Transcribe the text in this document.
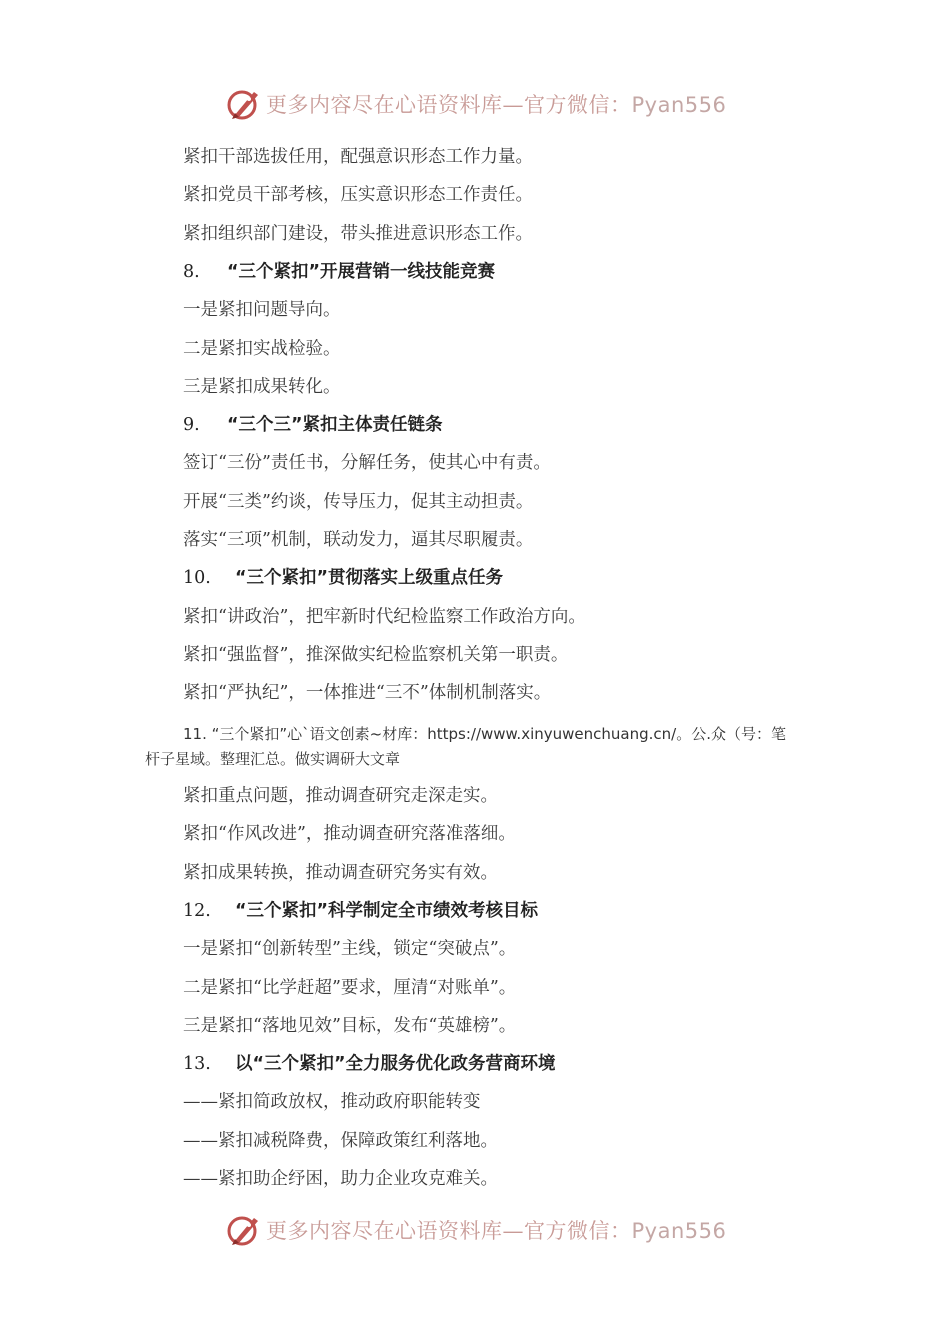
更多内容尽在心语资料库—官方微信：Pyan556
紧扣干部选拔任用，配强意识形态工作力量。
紧扣党员干部考核，压实意识形态工作责任。
紧扣组织部门建设，带头推进意识形态工作。
8. “三个紧扣”开展营销一线技能竞赛
一是紧扣问题导向。
二是紧扣实战检验。
三是紧扣成果转化。
9. “三个三”紧扣主体责任链条
签订“三份”责任书，分解任务，使其心中有责。
开展“三类”约谈，传导压力，促其主动担责。
落实“三项”机制，联动发力，逼其尽职履责。
10. “三个紧扣”贯彻落实上级重点任务
紧扣“讲政治”，把牢新时代纪检监察工作政治方向。
紧扣“强监督”，推深做实纪检监察机关第一职责。
紧扣“严执纪”，一体推进“三不”体制机制落实。
11. “三个紧扣”心`语文创素~材库：https://www.xinyuwenchuang.cn/。公.众（号：笔
杆子星域。整理汇总。做实调研大文章
紧扣重点问题，推动调查研究走深走实。
紧扣“作风改进”，推动调查研究落准落细。
紧扣成果转换，推动调查研究务实有效。
12. “三个紧扣”科学制定全市绩效考核目标
一是紧扣“创新转型”主线，锁定“突破点”。
二是紧扣“比学赶超”要求，厘清“对账单”。
三是紧扣“落地见效”目标，发布“英雄榜”。
13. 以“三个紧扣”全力服务优化政务营商环境
——紧扣简政放权，推动政府职能转变
——紧扣减税降费，保障政策红利落地。
——紧扣助企纾困，助力企业攻克难关。
更多内容尽在心语资料库—官方微信：Pyan556
